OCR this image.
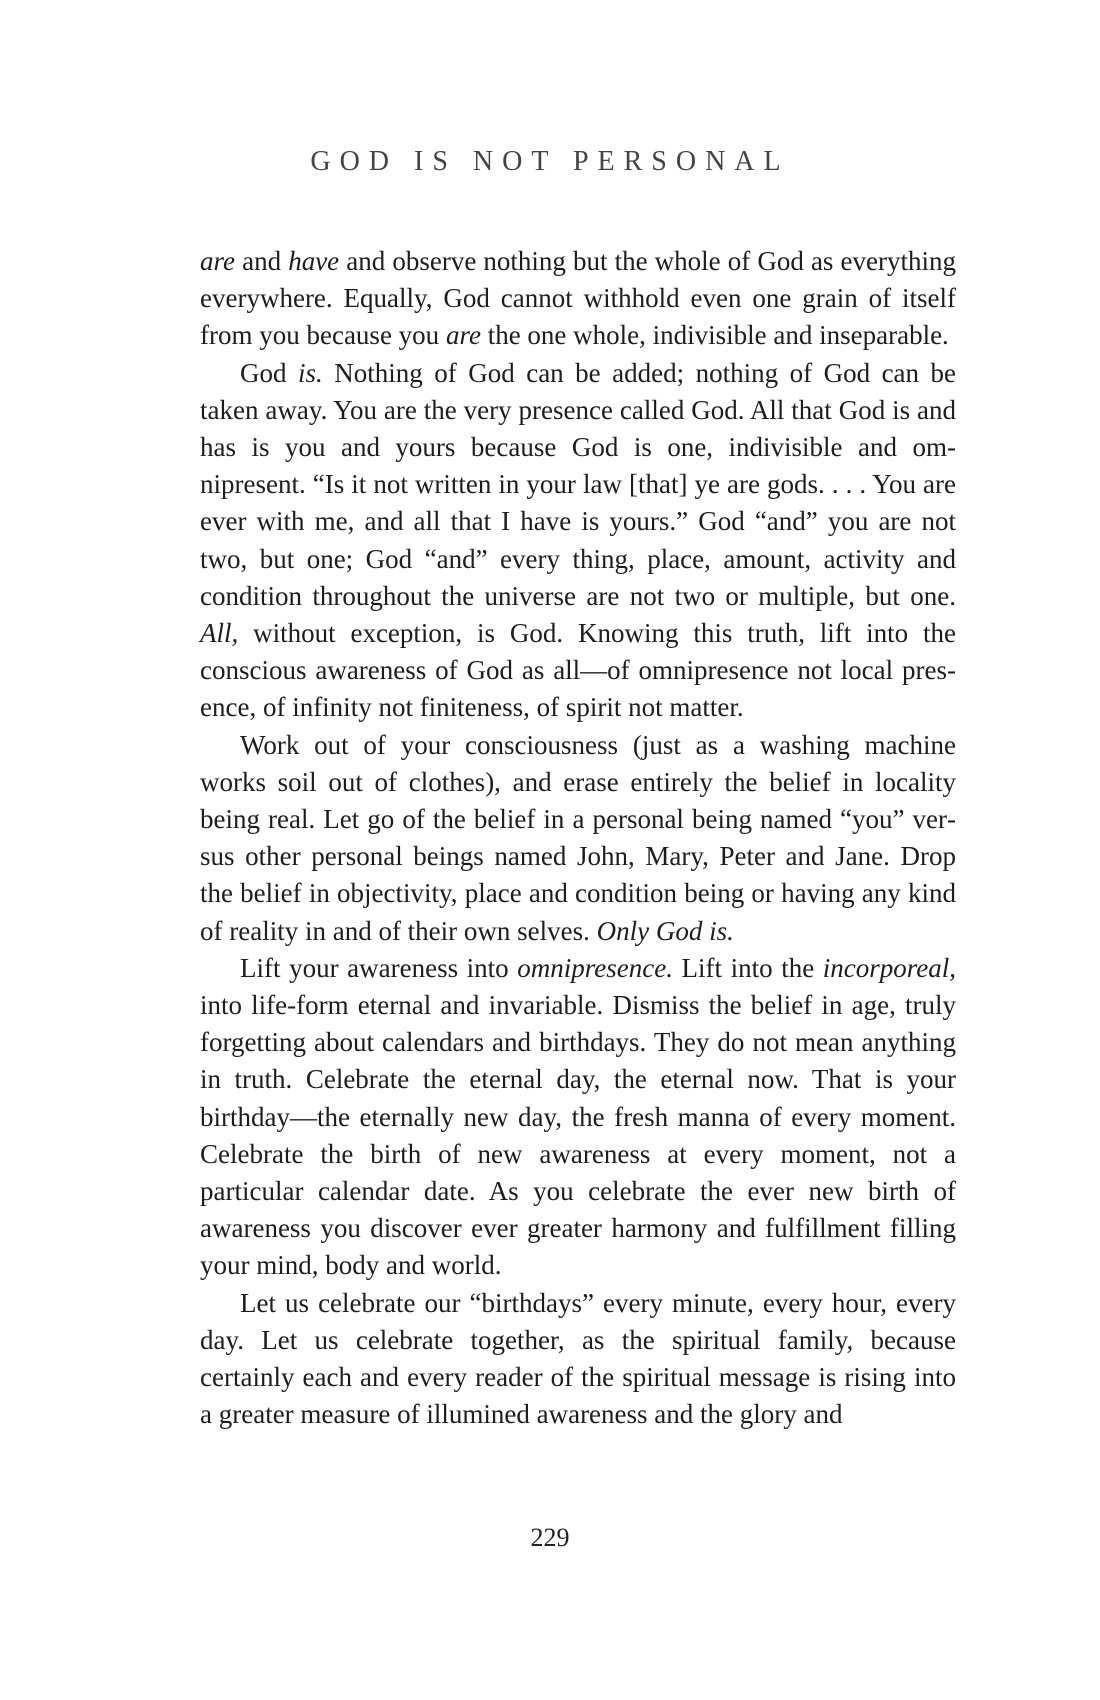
GOD IS NOT PERSONAL

are and have and observe nothing but the whole of God as everything everywhere. Equally, God cannot withhold even one grain of itself from you because you are the one whole, indivisible and inseparable.

God is. Nothing of God can be added; nothing of God can be taken away. You are the very presence called God. All that God is and has is you and yours because God is one, indivisible and omnipresent. “Is it not written in your law [that] ye are gods. . . . You are ever with me, and all that I have is yours.” God “and” you are not two, but one; God “and” every thing, place, amount, activity and condition throughout the universe are not two or multiple, but one. All, without exception, is God. Knowing this truth, lift into the conscious awareness of God as all—of omnipresence not local presence, of infinity not finiteness, of spirit not matter.

Work out of your consciousness (just as a washing machine works soil out of clothes), and erase entirely the belief in locality being real. Let go of the belief in a personal being named “you” versus other personal beings named John, Mary, Peter and Jane. Drop the belief in objectivity, place and condition being or having any kind of reality in and of their own selves. Only God is.

Lift your awareness into omnipresence. Lift into the incorporeal, into life-form eternal and invariable. Dismiss the belief in age, truly forgetting about calendars and birthdays. They do not mean anything in truth. Celebrate the eternal day, the eternal now. That is your birthday—the eternally new day, the fresh manna of every moment. Celebrate the birth of new awareness at every moment, not a particular calendar date. As you celebrate the ever new birth of awareness you discover ever greater harmony and fulfillment filling your mind, body and world.

Let us celebrate our “birthdays” every minute, every hour, every day. Let us celebrate together, as the spiritual family, because certainly each and every reader of the spiritual message is rising into a greater measure of illumined awareness and the glory and

229
